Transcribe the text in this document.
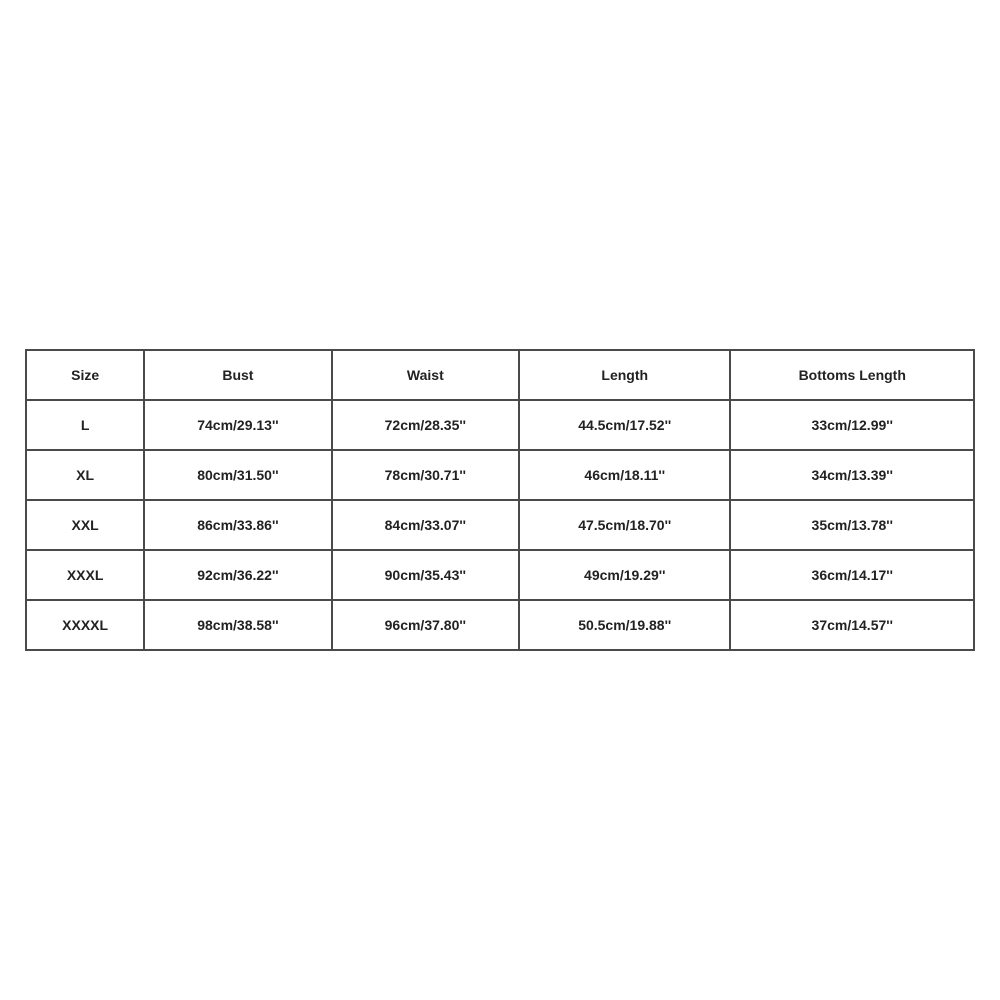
Size	Bust	Waist	Length	Bottoms Length
L	74cm/29.13''	72cm/28.35''	44.5cm/17.52''	33cm/12.99''
XL	80cm/31.50''	78cm/30.71''	46cm/18.11''	34cm/13.39''
XXL	86cm/33.86''	84cm/33.07''	47.5cm/18.70''	35cm/13.78''
XXXL	92cm/36.22''	90cm/35.43''	49cm/19.29''	36cm/14.17''
XXXXL	98cm/38.58''	96cm/37.80''	50.5cm/19.88''	37cm/14.57''
